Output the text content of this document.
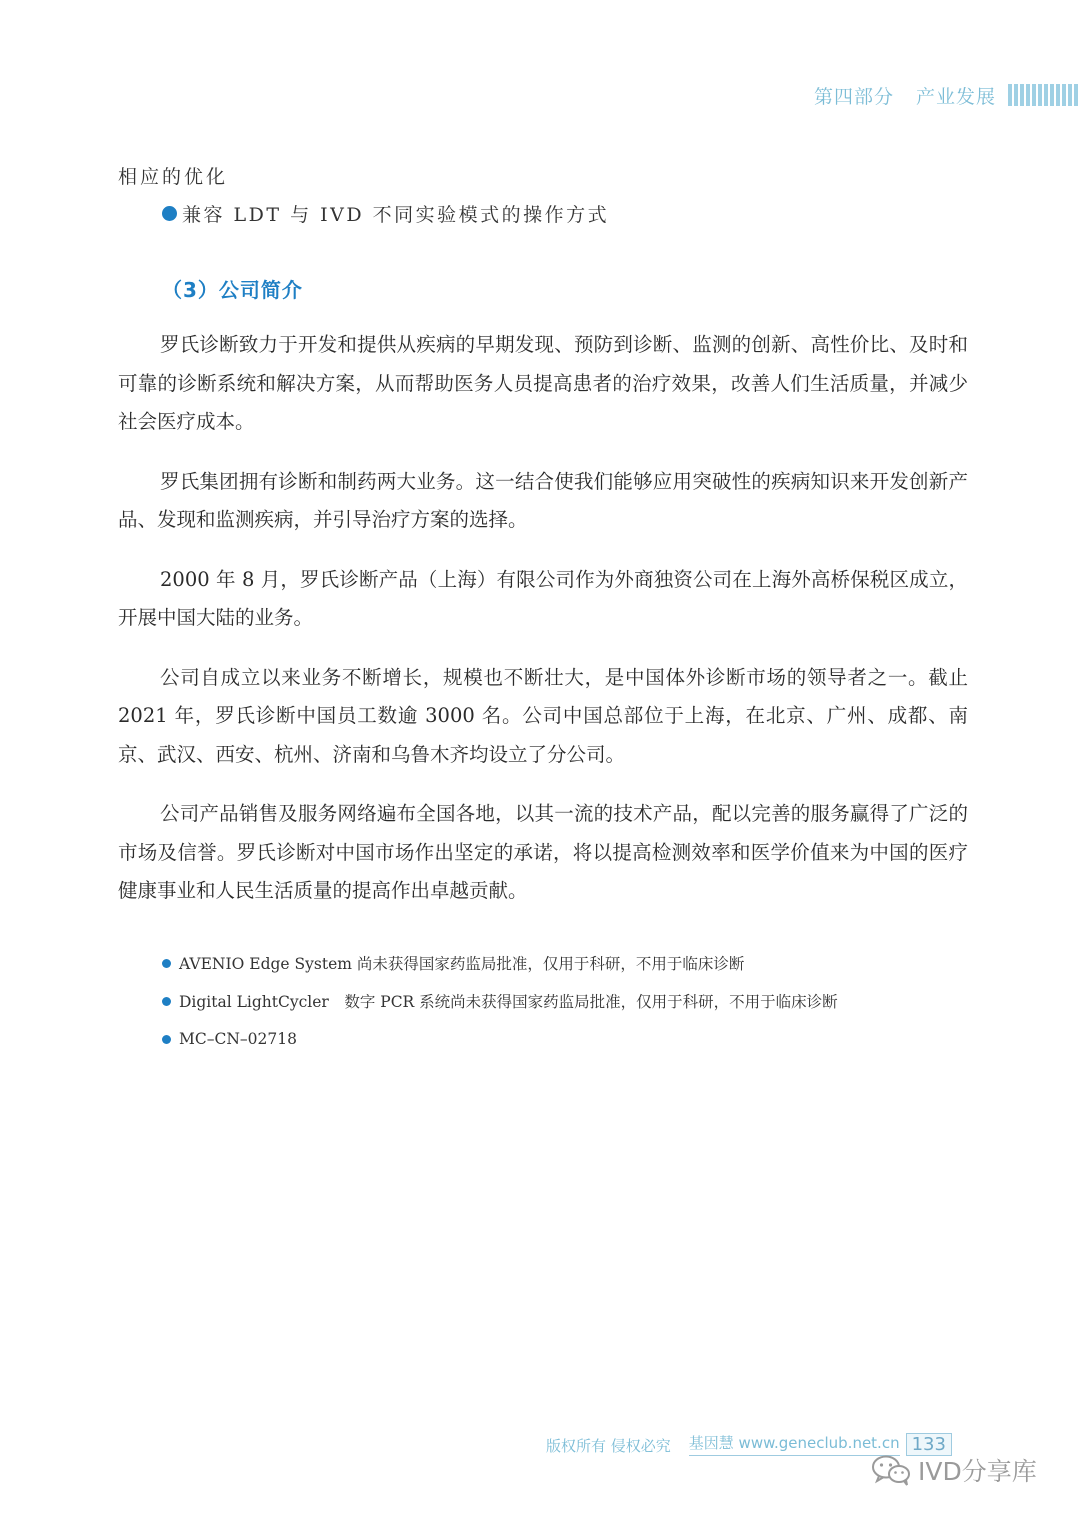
第四部分 产业发展
相应的优化
兼容 LDT 与 IVD 不同实验模式的操作方式
（3）公司简介

罗氏诊断致力于开发和提供从疾病的早期发现、预防到诊断、监测的创新、高性价比、及时和可靠的诊断系统和解决方案，从而帮助医务人员提高患者的治疗效果，改善人们生活质量，并减少社会医疗成本。

罗氏集团拥有诊断和制药两大业务。这一结合使我们能够应用突破性的疾病知识来开发创新产品、发现和监测疾病，并引导治疗方案的选择。

2000 年 8 月，罗氏诊断产品（上海）有限公司作为外商独资公司在上海外高桥保税区成立，开展中国大陆的业务。

公司自成立以来业务不断增长，规模也不断壮大，是中国体外诊断市场的领导者之一。截止 2021 年，罗氏诊断中国员工数逾 3000 名。公司中国总部位于上海，在北京、广州、成都、南京、武汉、西安、杭州、济南和乌鲁木齐均设立了分公司。

公司产品销售及服务网络遍布全国各地，以其一流的技术产品，配以完善的服务赢得了广泛的市场及信誉。罗氏诊断对中国市场作出坚定的承诺，将以提高检测效率和医学价值来为中国的医疗健康事业和人民生活质量的提高作出卓越贡献。

AVENIO Edge System 尚未获得国家药监局批准，仅用于科研，不用于临床诊断
Digital LightCycler　数字 PCR 系统尚未获得国家药监局批准，仅用于科研，不用于临床诊断
MC–CN–02718
版权所有 侵权必究 基因慧 www.geneclub.net.cn 133
IVD分享库
